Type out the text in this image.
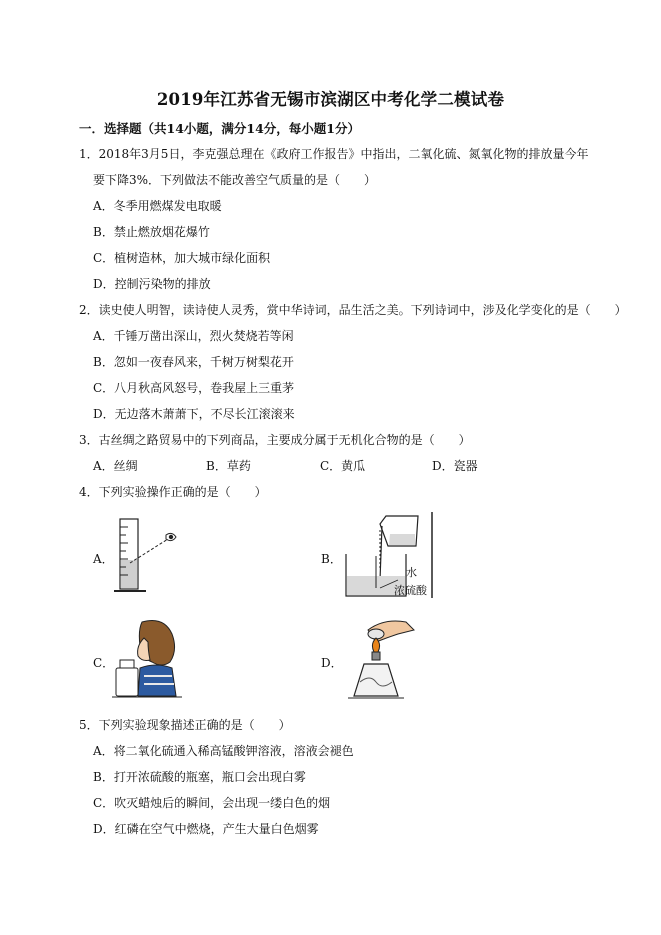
2019年江苏省无锡市滨湖区中考化学二模试卷
一．选择题（共14小题，满分14分，每小题1分）
1．2018年3月5日，李克强总理在《政府工作报告》中指出，二氧化硫、氮氧化物的排放量今年
要下降3%．下列做法不能改善空气质量的是（　　）
A．冬季用燃煤发电取暖
B．禁止燃放烟花爆竹
C．植树造林，加大城市绿化面积
D．控制污染物的排放
2．读史使人明智，读诗使人灵秀，赏中华诗词，品生活之美。下列诗词中，涉及化学变化的是（　　）
A．千锤万凿出深山，烈火焚烧若等闲
B．忽如一夜春风来，千树万树梨花开
C．八月秋高风怒号，卷我屋上三重茅
D．无边落木萧萧下，不尽长江滚滚来
3．古丝绸之路贸易中的下列商品，主要成分属于无机化合物的是（　　）
A．丝绸	B．草药	C．黄瓜	D．瓷器
4．下列实验操作正确的是（　　）
A．	B．
C．	D．
水
浓硫酸
5．下列实验现象描述正确的是（　　）
A．将二氧化硫通入稀高锰酸钾溶液，溶液会褪色
B．打开浓硫酸的瓶塞，瓶口会出现白雾
C．吹灭蜡烛后的瞬间，会出现一缕白色的烟
D．红磷在空气中燃烧，产生大量白色烟雾
